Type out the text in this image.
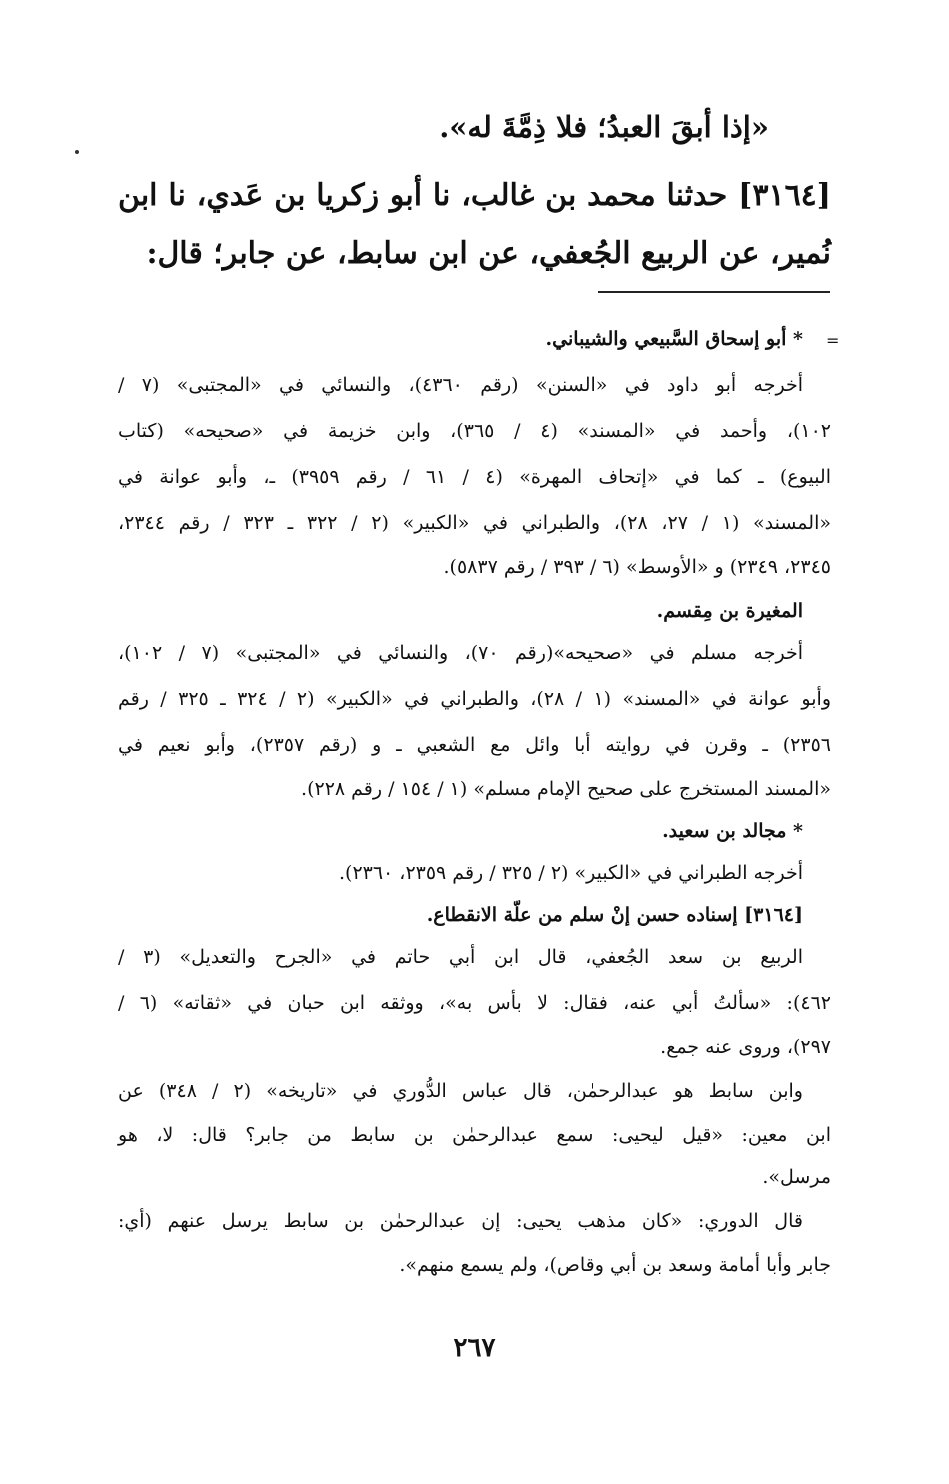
«إذا أبقَ العبدُ؛ فلا ذِمَّةَ له».
[٣١٦٤] حدثنا محمد بن غالب، نا أبو زكريا بن عَدي، نا ابن
نُمير، عن الربيع الجُعفي، عن ابن سابط، عن جابر؛ قال:
=
* أبو إسحاق السَّبيعي والشيباني.
أخرجه أبو داود في «السنن» (رقم ٤٣٦٠)، والنسائي في «المجتبى» (٧ /
١٠٢)، وأحمد في «المسند» (٤ / ٣٦٥)، وابن خزيمة في «صحيحه» (كتاب
البيوع) ـ كما في «إتحاف المهرة» (٤ / ٦١ / رقم ٣٩٥٩) ـ، وأبو عوانة في
«المسند» (١ / ٢٧، ٢٨)، والطبراني في «الكبير» (٢ / ٣٢٢ ـ ٣٢٣ / رقم ٢٣٤٤،
٢٣٤٥، ٢٣٤٩) و «الأوسط» (٦ / ٣٩٣ / رقم ٥٨٣٧).
المغيرة بن مِقسم.
أخرجه مسلم في «صحيحه»(رقم ٧٠)، والنسائي في «المجتبى» (٧ / ١٠٢)،
وأبو عوانة في «المسند» (١ / ٢٨)، والطبراني في «الكبير» (٢ / ٣٢٤ ـ ٣٢٥ / رقم
٢٣٥٦) ـ وقرن في روايته أبا وائل مع الشعبي ـ و (رقم ٢٣٥٧)، وأبو نعيم في
«المسند المستخرج على صحيح الإمام مسلم» (١ / ١٥٤ / رقم ٢٢٨).
* مجالد بن سعيد.
أخرجه الطبراني في «الكبير» (٢ / ٣٢٥ / رقم ٢٣٥٩، ٢٣٦٠).
[٣١٦٤] إسناده حسن إنْ سلم من علّة الانقطاع.
الربيع بن سعد الجُعفي، قال ابن أبي حاتم في «الجرح والتعديل» (٣ /
٤٦٢): «سألتُ أبي عنه، فقال: لا بأس به»، ووثقه ابن حبان في «ثقاته» (٦ /
٢٩٧)، وروى عنه جمع.
وابن سابط هو عبدالرحمٰن، قال عباس الدُّوري في «تاريخه» (٢ / ٣٤٨) عن
ابن معين: «قيل ليحيى: سمع عبدالرحمٰن بن سابط من جابر؟ قال: لا، هو
مرسل».
قال الدوري: «كان مذهب يحيى: إن عبدالرحمٰن بن سابط يرسل عنهم (أي:
جابر وأبا أمامة وسعد بن أبي وقاص)، ولم يسمع منهم».
٢٦٧
